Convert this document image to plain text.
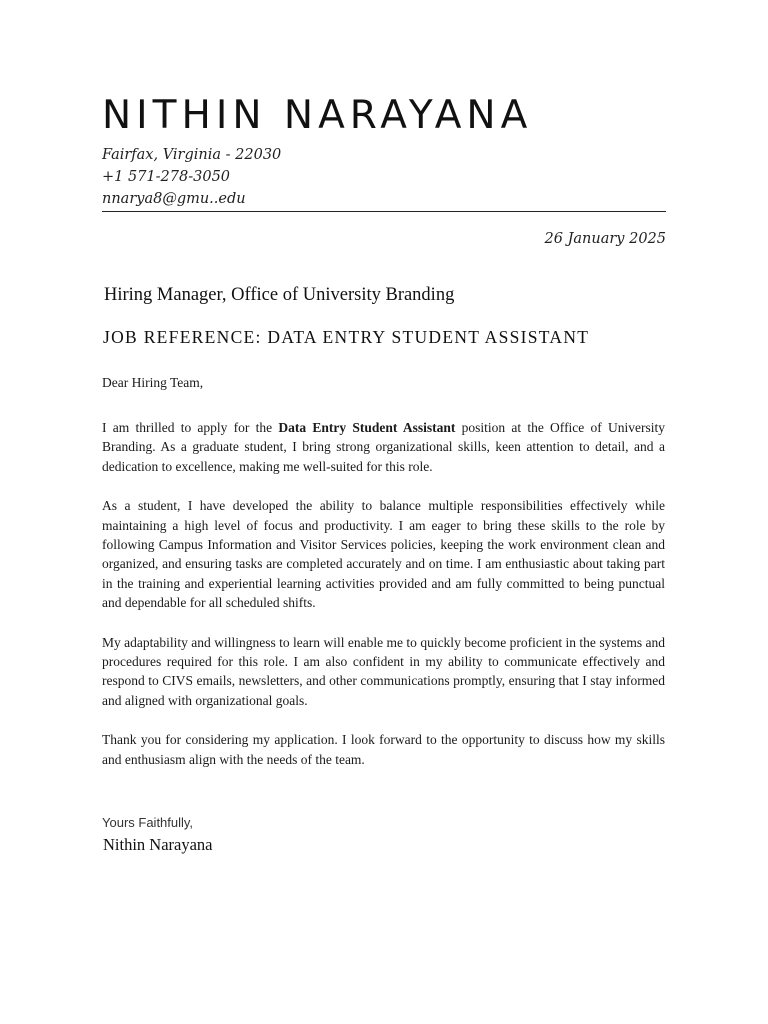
NITHIN NARAYANA
Fairfax, Virginia - 22030
+1 571-278-3050
nnarya8@gmu..edu
26 January 2025
Hiring Manager, Office of University Branding
JOB REFERENCE: DATA ENTRY STUDENT ASSISTANT
Dear Hiring Team,

I am thrilled to apply for the Data Entry Student Assistant position at the Office of University Branding. As a graduate student, I bring strong organizational skills, keen attention to detail, and a dedication to excellence, making me well-suited for this role.

As a student, I have developed the ability to balance multiple responsibilities effectively while maintaining a high level of focus and productivity. I am eager to bring these skills to the role by following Campus Information and Visitor Services policies, keeping the work environment clean and organized, and ensuring tasks are completed accurately and on time. I am enthusiastic about taking part in the training and experiential learning activities provided and am fully committed to being punctual and dependable for all scheduled shifts.

My adaptability and willingness to learn will enable me to quickly become proficient in the systems and procedures required for this role. I am also confident in my ability to communicate effectively and respond to CIVS emails, newsletters, and other communications promptly, ensuring that I stay informed and aligned with organizational goals.

Thank you for considering my application. I look forward to the opportunity to discuss how my skills and enthusiasm align with the needs of the team.

Yours Faithfully,
Nithin Narayana
